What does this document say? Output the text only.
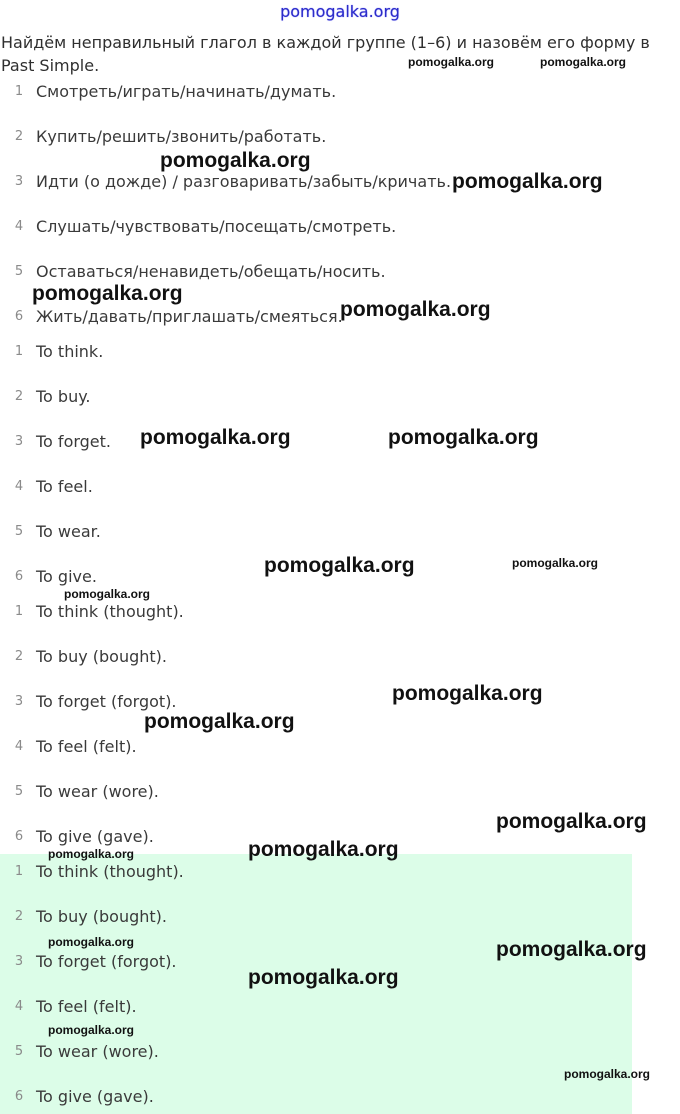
pomogalka.org
Найдём неправильный глагол в каждой группе (1–6) и назовём его форму в
Past Simple.
1 Смотреть/играть/начинать/думать.
2 Купить/решить/звонить/работать.
3 Идти (о дожде) / разговаривать/забыть/кричать.
4 Слушать/чувствовать/посещать/смотреть.
5 Оставаться/ненавидеть/обещать/носить.
6 Жить/давать/приглашать/смеяться.
1 To think.
2 To buy.
3 To forget.
4 To feel.
5 To wear.
6 To give.
1 To think (thought).
2 To buy (bought).
3 To forget (forgot).
4 To feel (felt).
5 To wear (wore).
6 To give (gave).
1 To think (thought).
2 To buy (bought).
3 To forget (forgot).
4 To feel (felt).
5 To wear (wore).
6 To give (gave).
pomogalka.org	pomogalka.org
pomogalka.org
pomogalka.org
pomogalka.org
pomogalka.org
pomogalka.org	pomogalka.org
pomogalka.org	pomogalka.org
pomogalka.org
pomogalka.org
pomogalka.org
pomogalka.org
pomogalka.org
pomogalka.org
pomogalka.org	pomogalka.org
pomogalka.org
pomogalka.org
pomogalka.org
